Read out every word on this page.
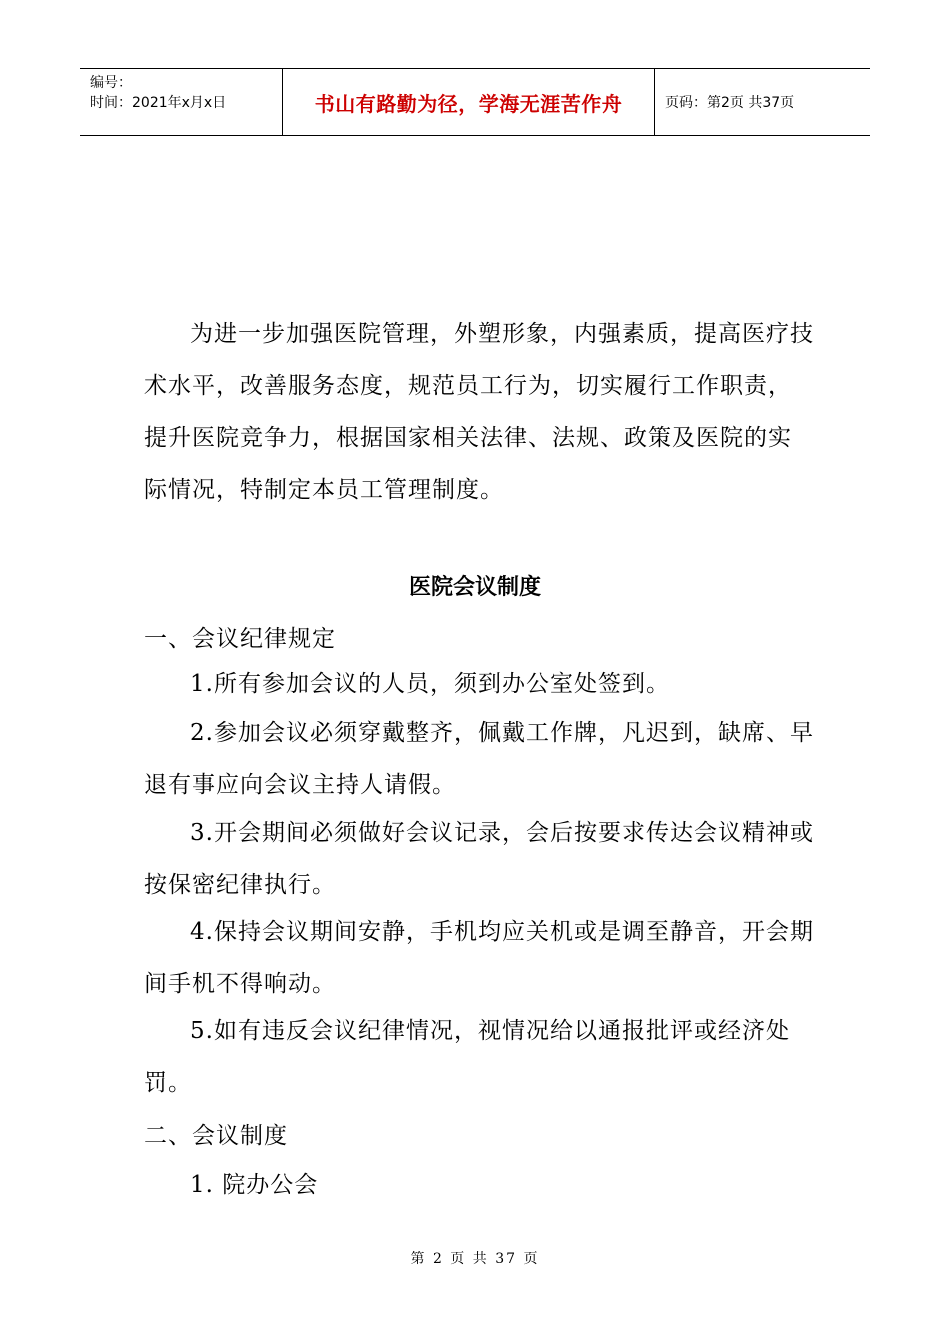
编号：
时间：2021年x月x日	书山有路勤为径，学海无涯苦作舟	页码：第2页 共37页
为进一步加强医院管理，外塑形象，内强素质，提高医疗技术水平，改善服务态度，规范员工行为，切实履行工作职责，提升医院竞争力，根据国家相关法律、法规、政策及医院的实际情况，特制定本员工管理制度。
医院会议制度
一、会议纪律规定
1.所有参加会议的人员，须到办公室处签到。
2.参加会议必须穿戴整齐，佩戴工作牌，凡迟到，缺席、早退有事应向会议主持人请假。
3.开会期间必须做好会议记录，会后按要求传达会议精神或按保密纪律执行。
4.保持会议期间安静，手机均应关机或是调至静音，开会期间手机不得响动。
5.如有违反会议纪律情况，视情况给以通报批评或经济处罚。
二、会议制度
1. 院办公会
第 2 页 共 37 页
